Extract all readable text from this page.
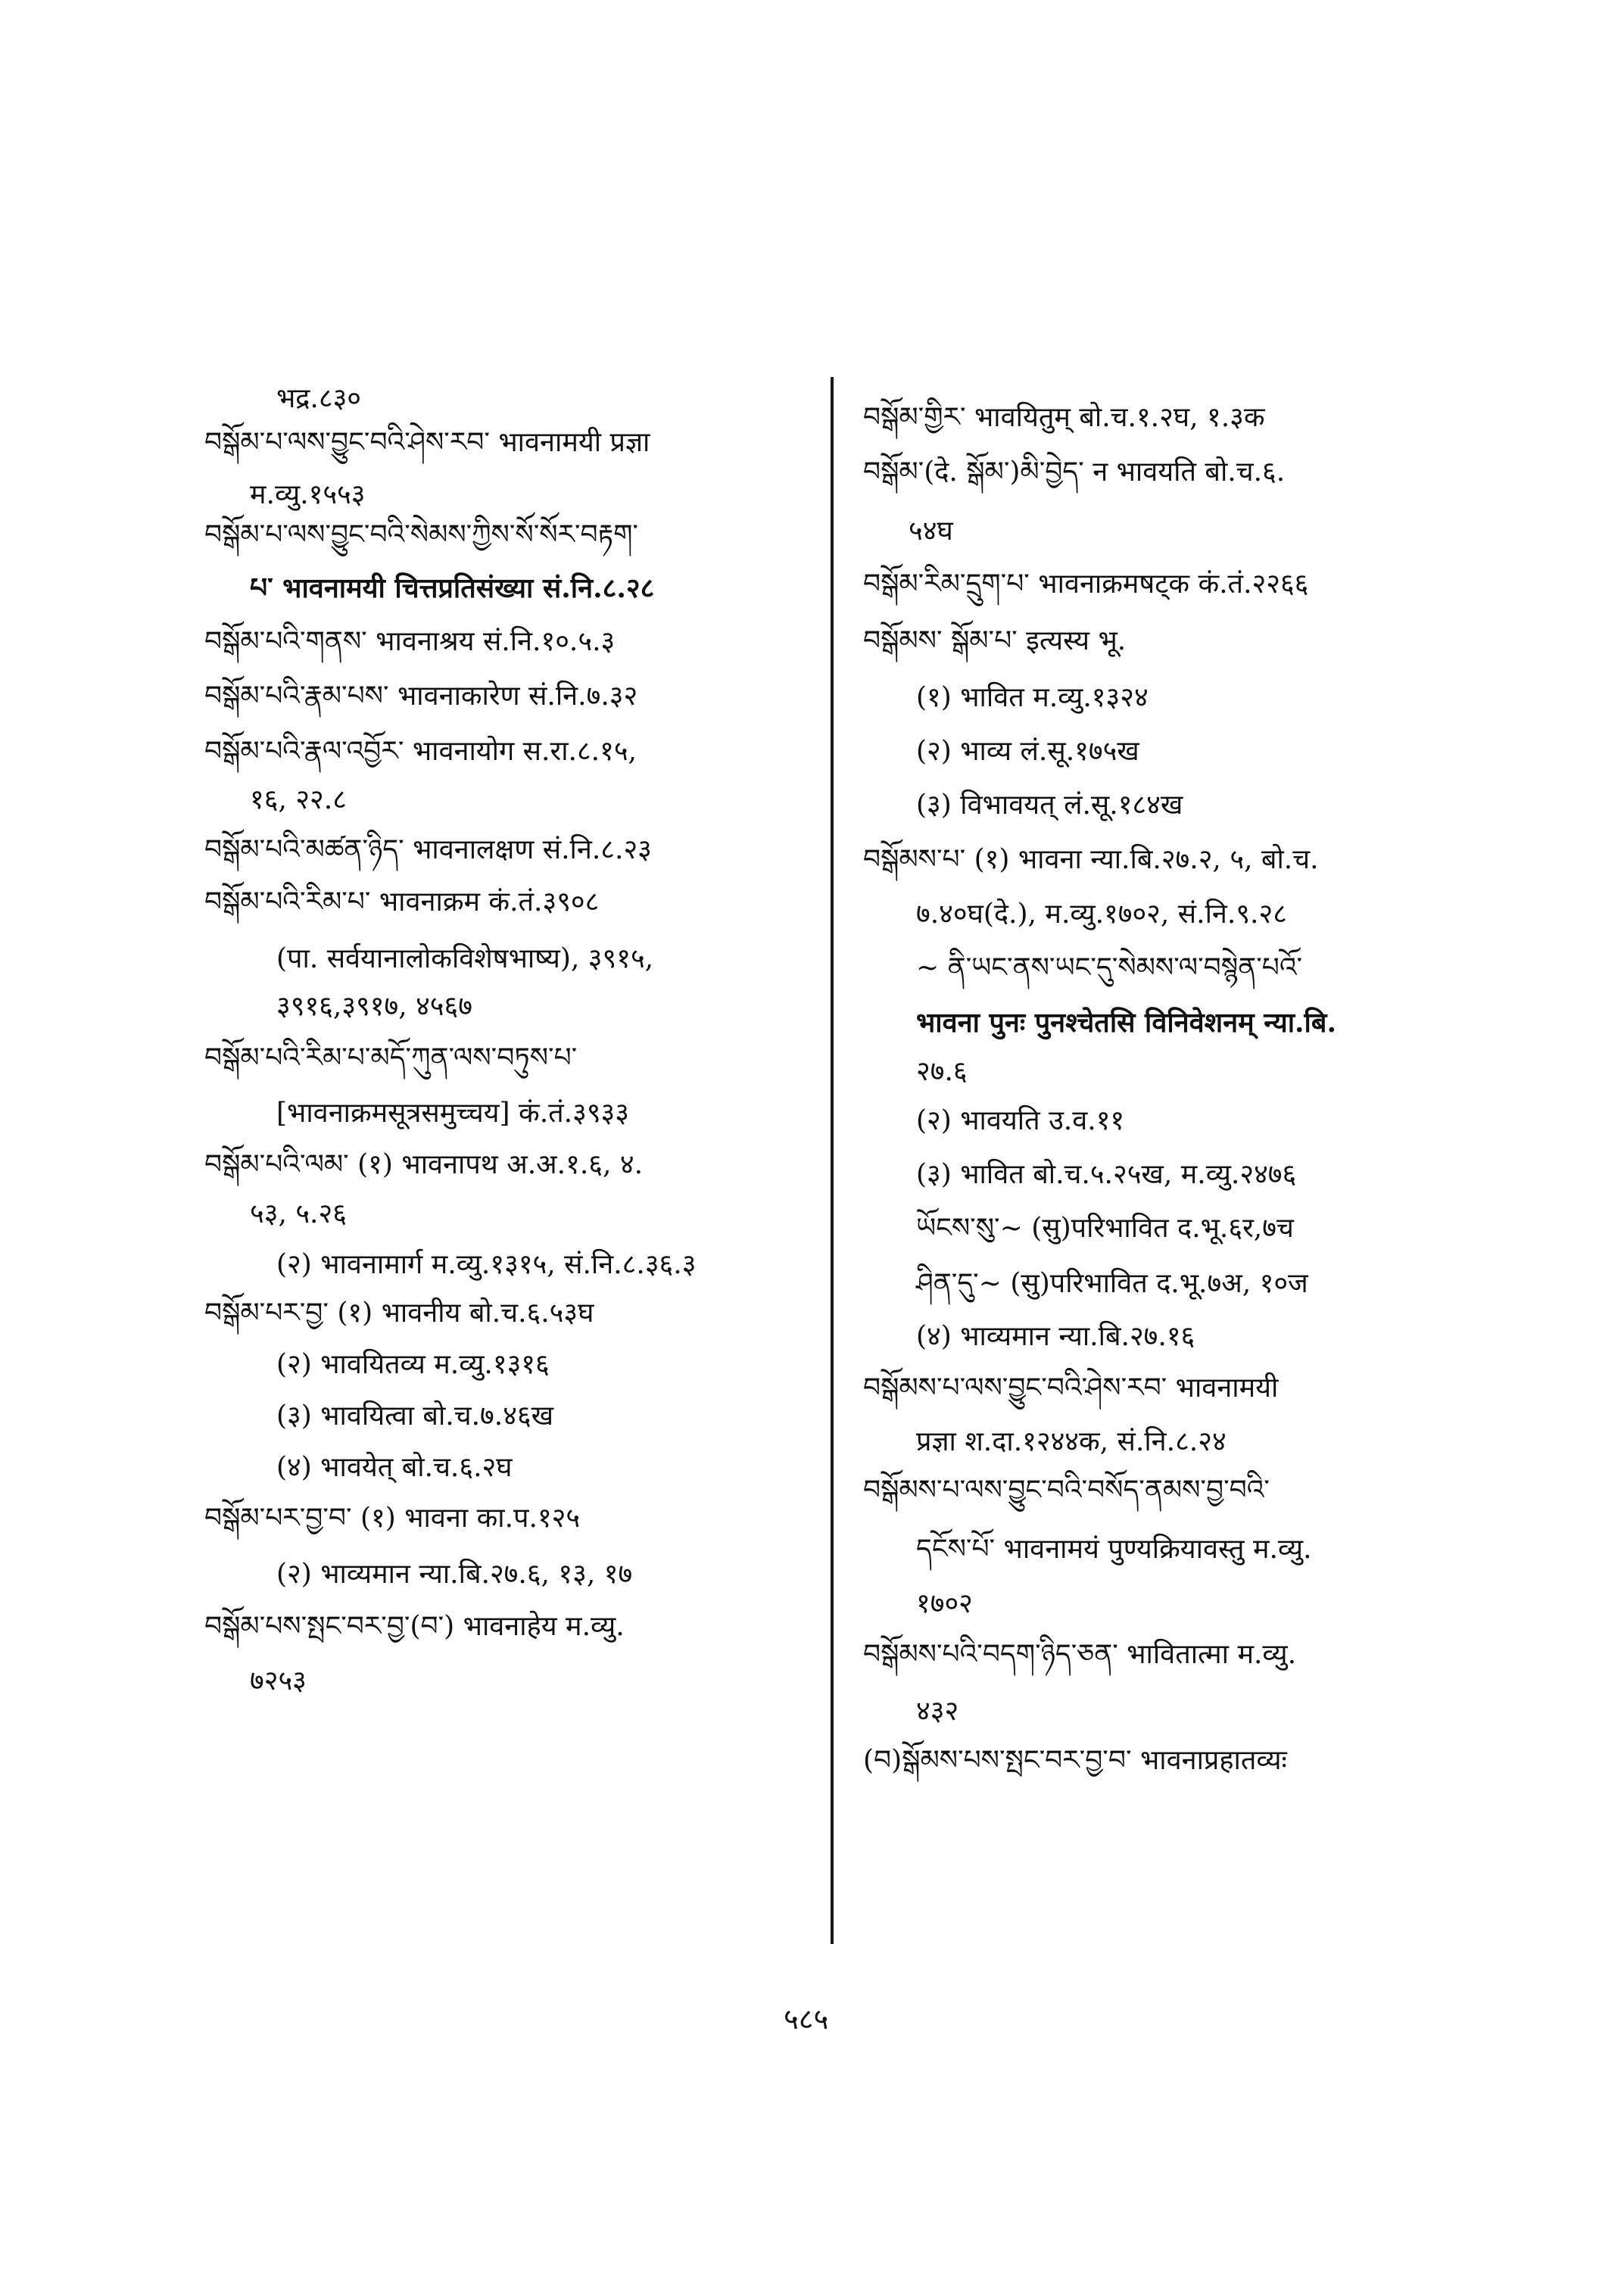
भद्र.८३०
བསྒོམ་པ་ལས་བྱུང་བའི་ཤེས་རབ་ भावनामयी प्रज्ञा
म.व्यु.१५५३
བསྒོམ་པ་ལས་བྱུང་བའི་སེམས་ཀྱིས་སོ་སོར་བརྟག་
པ་ भावनामयी चित्तप्रतिसंख्या सं.नि.८.२८
བསྒོམ་པའི་གནས་ भावनाश्रय सं.नि.१०.५.३
བསྒོམ་པའི་རྣམ་པས་ भावनाकारेण सं.नि.७.३२
བསྒོམ་པའི་རྣལ་འབྱོར་ भावनायोग स.रा.८.१५,
१६, २२.८
བསྒོམ་པའི་མཚན་ཉིད་ भावनालक्षण सं.नि.८.२३
བསྒོམ་པའི་རིམ་པ་ भावनाक्रम कं.तं.३९०८
(पा. सर्वयानालोकविशेषभाष्य), ३९१५,
३९१६,३९१७, ४५६७
བསྒོམ་པའི་རིམ་པ་མདོ་ཀུན་ལས་བཏུས་པ་
[भावनाक्रमसूत्रसमुच्चय] कं.तं.३९३३
བསྒོམ་པའི་ལམ་ (१) भावनापथ अ.अ.१.६, ४.
५३, ५.२६
(२) भावनामार्ग म.व्यु.१३१५, सं.नि.८.३६.३
བསྒོམ་པར་བྱ་ (१) भावनीय बो.च.६.५३घ
(२) भावयितव्य म.व्यु.१३१६
(३) भावयित्वा बो.च.७.४६ख
(४) भावयेत् बो.च.६.२घ
བསྒོམ་པར་བྱ་བ་ (१) भावना का.प.१२५
(२) भाव्यमान न्या.बि.२७.६, १३, १७
བསྒོམ་པས་སྤང་བར་བྱ་(བ་) भावनाहेय म.व्यु.
७२५३
བསྒོམ་གྱིར་ भावयितुम् बो.च.१.२घ, १.३क
བསྒོམ་(दे. སྒོམ་)མི་བྱེད་ न भावयति बो.च.६.
५४घ
བསྒོམ་རིམ་དྲུག་པ་ भावनाक्रमषट्क कं.तं.२२६६
བསྒོམས་ སྒོམ་པ་ इत्यस्य भू.
(१) भावित म.व्यु.१३२४
(२) भाव्य लं.सू.१७५ख
(३) विभावयत् लं.सू.१८४ख
བསྒོམས་པ་ (१) भावना न्या.बि.२७.२, ५, बो.च.
७.४०घ(दे.), म.व्यु.१७०२, सं.नि.९.२८
~ ནི་ཡང་ནས་ཡང་དུ་སེམས་ལ་བསྙེན་པའོ་
भावना पुनः पुनश्चेतसि विनिवेशनम् न्या.बि.
२७.६
(२) भावयति उ.व.११
(३) भावित बो.च.५.२५ख, म.व्यु.२४७६
ཡོངས་སུ་~ (सु)परिभावित द.भू.६र,७च
ཤིན་དུ་~ (सु)परिभावित द.भू.७अ, १०ज
(४) भाव्यमान न्या.बि.२७.१६
བསྒོམས་པ་ལས་བྱུང་བའི་ཤེས་རབ་ भावनामयी
प्रज्ञा श.दा.१२४४क, सं.नि.८.२४
བསྒོམས་པ་ལས་བྱུང་བའི་བསོད་ནམས་བྱ་བའི་
དངོས་པོ་ भावनामयं पुण्यक्रियावस्तु म.व्यु.
१७०२
བསྒོམས་པའི་བདག་ཉིད་ཅན་ भावितात्मा म.व्यु.
४३२
(བ)སྒོམས་པས་སྤང་བར་བྱ་བ་ भावनाप्रहातव्यः
५८५
